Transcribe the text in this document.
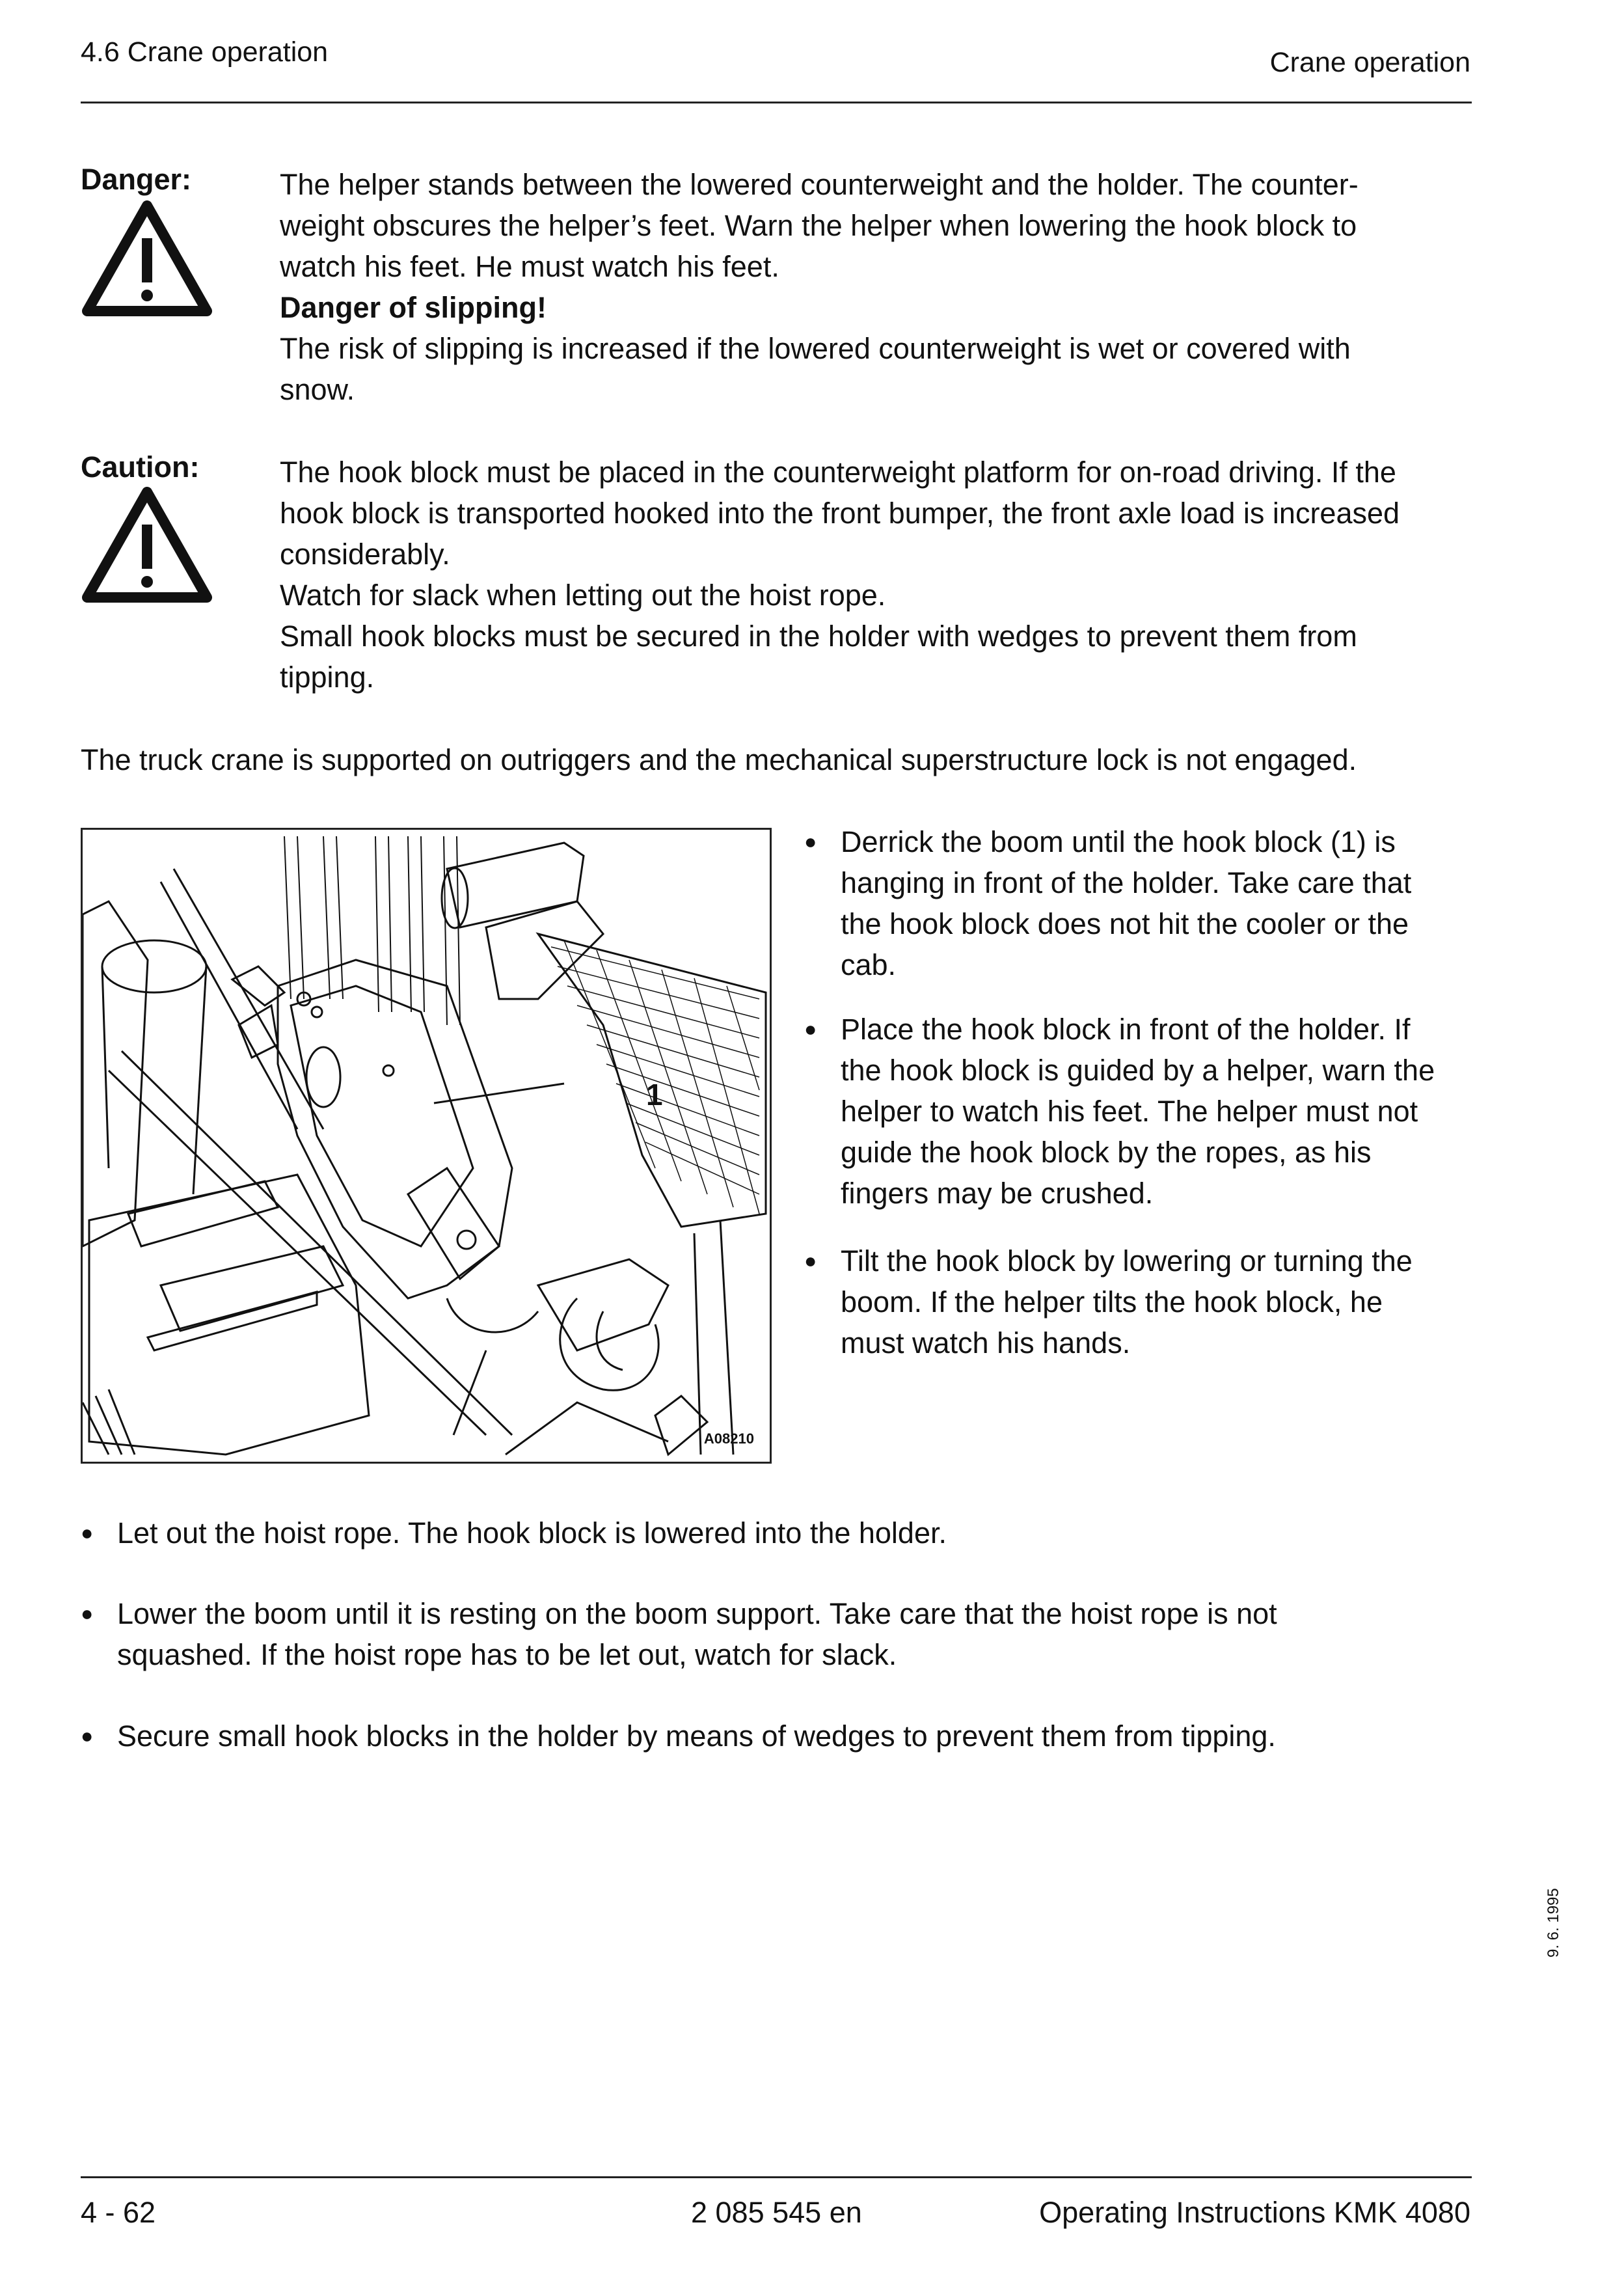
4.6 Crane operation	Crane operation
Danger:	The helper stands between the lowered counterweight and the holder. The counter-

weight obscures the helper’s feet. Warn the helper when lowering the hook block to

watch his feet. He must watch his feet.

Danger of slipping!

The risk of slipping is increased if the lowered counterweight is wet or covered with

snow.

Caution:	The hook block must be placed in the counterweight platform for on-road driving. If the

hook block is transported hooked into the front bumper, the front axle load is increased

considerably.

Watch for slack when letting out the hoist rope.

Small hook blocks must be secured in the holder with wedges to prevent them from

tipping.

The truck crane is supported on outriggers and the mechanical superstructure lock is not engaged.
1
A08210
● Derrick the boom until the hook block (1) is
hanging in front of the holder. Take care that
the hook block does not hit the cooler or the
cab.
● Place the hook block in front of the holder. If
the hook block is guided by a helper, warn the
helper to watch his feet. The helper must not
guide the hook block by the ropes, as his
fingers may be crushed.
● Tilt the hook block by lowering or turning the
boom. If the helper tilts the hook block, he
must watch his hands.
● Let out the hoist rope. The hook block is lowered into the holder.
● Lower the boom until it is resting on the boom support. Take care that the hoist rope is not
squashed. If the hoist rope has to be let out, watch for slack.
● Secure small hook blocks in the holder by means of wedges to prevent them from tipping.
9. 6. 1995
4 - 62	2 085 545 en	Operating Instructions KMK 4080
